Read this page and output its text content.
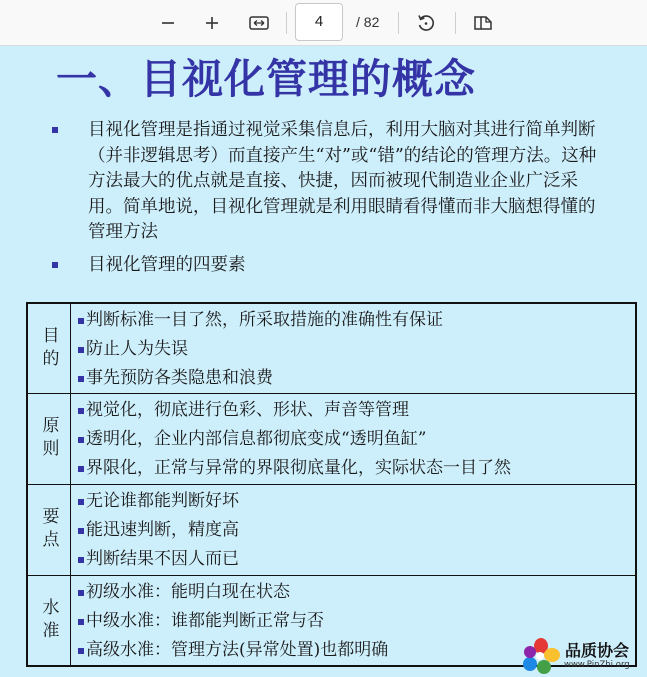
4	/ 82
一、目视化管理的概念
目视化管理是指通过视觉采集信息后，利用大脑对其进行简单判断（并非逻辑思考）而直接产生“对”或“错”的结论的管理方法。这种方法最大的优点就是直接、快捷，因而被现代制造业企业广泛采用。简单地说，目视化管理就是利用眼睛看得懂而非大脑想得懂的管理方法
目视化管理的四要素
目的
判断标准一目了然，所采取措施的准确性有保证
防止人为失误
事先预防各类隐患和浪费
原则
视觉化，彻底进行色彩、形状、声音等管理
透明化，企业内部信息都彻底变成“透明鱼缸”
界限化，正常与异常的界限彻底量化，实际状态一目了然
要点
无论谁都能判断好坏
能迅速判断，精度高
判断结果不因人而已
水准
初级水准：能明白现在状态
中级水准：谁都能判断正常与否
高级水准：管理方法(异常处置)也都明确	品质协会
www.PinZhi.org
